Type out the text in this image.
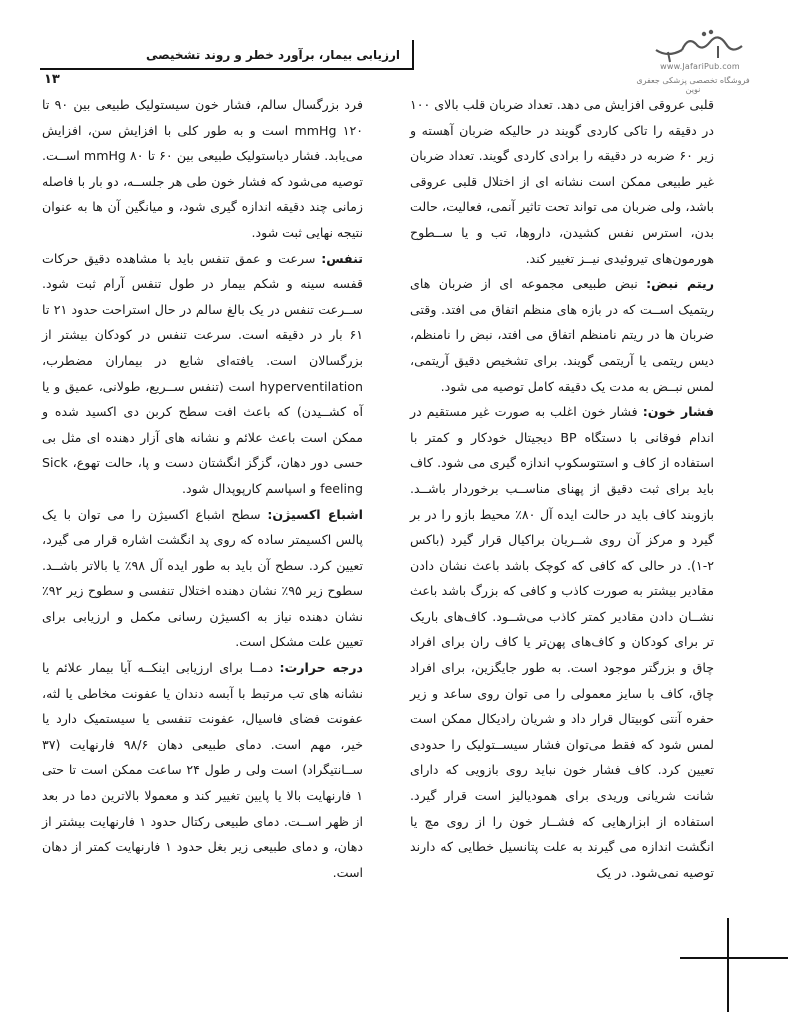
ارزیابی بیمار، برآورد خطر و روند تشخیصی
۱۳
www.JafariPub.com
فروشگاه تخصصی پزشکی جعفری نوین

قلبی عروقی افزایش می دهد. تعداد ضربان قلب بالای ۱۰۰ در دقیقه را تاکی کاردی گویند در حالیکه ضربان آهسته و زیر ۶۰ ضربه در دقیقه را برادی کاردی گویند. تعداد ضربان غیر طبیعی ممکن است نشانه ای از اختلال قلبی عروقی باشد، ولی ضربان می تواند تحت تاثیر آنمی، فعالیت، حالت بدن، استرس نفس کشیدن، داروها، تب و یا ســطوح هورمون‌های تیروئیدی نیــز تغییر کند.

ریتم نبض: نبض طبیعی مجموعه ای از ضربان های ریتمیک اســت که در بازه های منظم اتفاق می افتد. وقتی ضربان ها در ریتم نامنظم اتفاق می افتد، نبض را نامنظم، دیس ریتمی یا آریتمی گویند. برای تشخیص دقیق آریتمی، لمس نبــض به مدت یک دقیقه کامل توصیه می شود.

فشار خون: فشار خون اغلب به صورت غیر مستقیم در اندام فوقانی با دستگاه BP دیجیتال خودکار و کمتر با استفاده از کاف و استتوسکوپ اندازه گیری می شود. کاف باید برای ثبت دقیق از پهنای مناســب برخوردار باشــد. بازوبند کاف باید در حالت ایده آل ۸۰٪ محیط بازو را در بر گیرد و مرکز آن روی شــریان براکیال قرار گیرد (باکس ۲-۱). در حالی که کافی که کوچک باشد باعث نشان دادن مقادیر بیشتر به صورت کاذب و کافی که بزرگ باشد باعث نشــان دادن مقادیر کمتر کاذب می‌شــود. کاف‌های باریک تر برای کودکان و کاف‌های پهن‌تر یا کاف ران برای افراد چاق و بزرگتر موجود است. به طور جایگزین، برای افراد چاق، کاف با سایز معمولی را می توان روی ساعد و زیر حفره آنتی کوبیتال قرار داد و شریان رادیکال ممکن است لمس شود که فقط می‌توان فشار سیســتولیک را حدودی تعیین کرد. کاف فشار خون نباید روی بازویی که دارای شانت شریانی وریدی برای همودیالیز است قرار گیرد. استفاده از ابزارهایی که فشــار خون را از روی مچ یا انگشت اندازه می گیرند به علت پتانسیل خطایی که دارند توصیه نمی‌شود. در یک

فرد بزرگسال سالم، فشار خون سیستولیک طبیعی بین ۹۰ تا ۱۲۰ mmHg است و به طور کلی با افزایش سن، افزایش می‌یابد. فشار دیاستولیک طبیعی بین ۶۰ تا ۸۰ mmHg اســت. توصیه می‌شود که فشار خون طی هر جلســه، دو بار با فاصله زمانی چند دقیقه اندازه گیری شود، و میانگین آن ها به عنوان نتیجه نهایی ثبت شود.

تنفس: سرعت و عمق تنفس باید با مشاهده دقیق حرکات قفسه سینه و شکم بیمار در طول تنفس آرام ثبت شود. ســرعت تنفس در یک بالغ سالم در حال استراحت حدود ۲۱ تا ۶۱ بار در دقیقه است. سرعت تنفس در کودکان بیشتر از بزرگسالان است. یافته‌ای شایع در بیماران مضطرب، hyperventilation است (تنفس ســریع، طولانی، عمیق و یا آه کشــیدن) که باعث افت سطح کربن دی اکسید شده و ممکن است باعث علائم و نشانه های آزار دهنده ای مثل بی حسی دور دهان، گزگز انگشتان دست و پا، حالت تهوع، Sick feeling و اسپاسم کارپوپدال شود.

اشباع اکسیژن: سطح اشباع اکسیژن را می توان با یک پالس اکسیمتر ساده که روی پد انگشت اشاره قرار می گیرد، تعیین کرد. سطح آن باید به طور ایده آل ۹۸٪ یا بالاتر باشــد. سطوح زیر ۹۵٪ نشان دهنده اختلال تنفسی و سطوح زیر ۹۲٪ نشان دهنده نیاز به اکسیژن رسانی مکمل و ارزیابی برای تعیین علت مشکل است.

درجه حرارت: دمــا برای ارزیابی اینکــه آیا بیمار علائم یا نشانه های تب مرتبط با آبسه دندان یا عفونت مخاطی یا لثه، عفونت فضای فاسیال، عفونت تنفسی یا سیستمیک دارد یا خیر، مهم است. دمای طبیعی دهان ۹۸/۶ فارنهایت (۳۷ ســانتیگراد) است ولی ر طول ۲۴ ساعت ممکن است تا حتی ۱ فارنهایت بالا یا پایین تغییر کند و معمولا بالاترین دما در بعد از ظهر اســت. دمای طبیعی رکتال حدود ۱ فارنهایت بیشتر از دهان، و دمای طبیعی زیر بغل حدود ۱ فارنهایت کمتر از دهان است.
